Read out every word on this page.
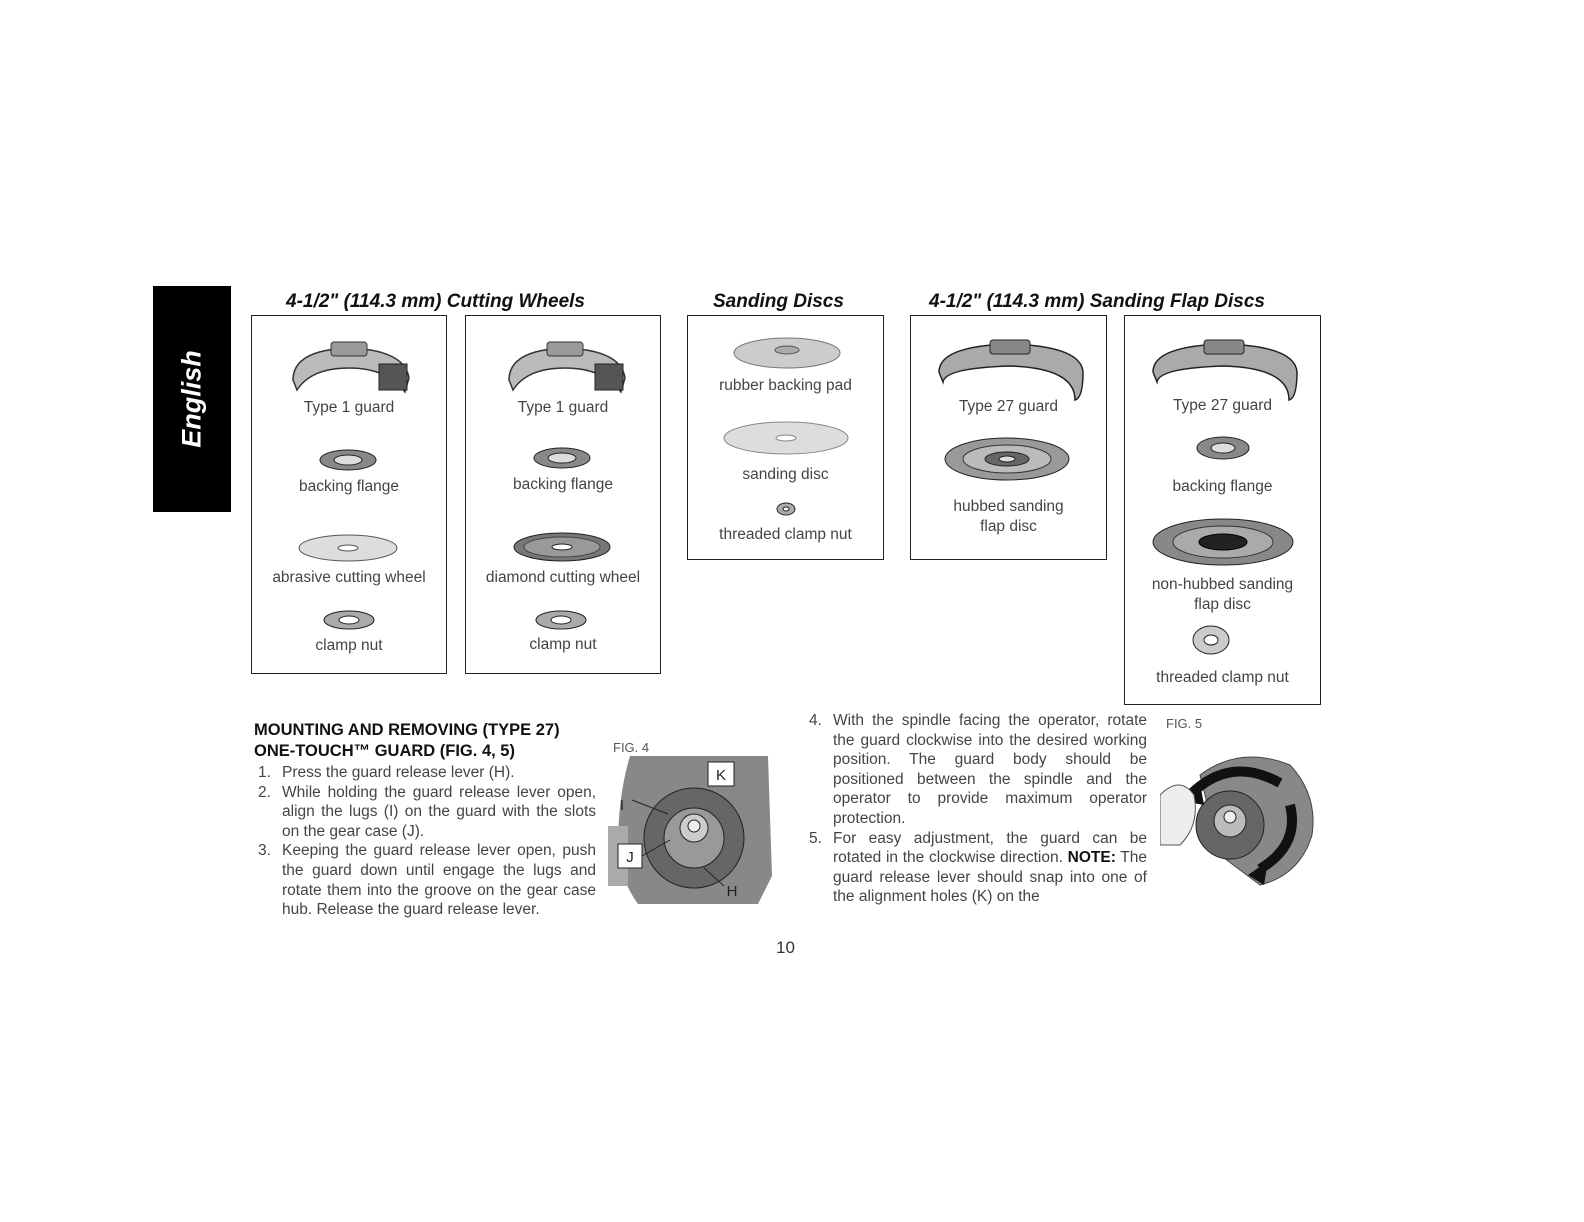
English
4-1/2" (114.3 mm) Cutting Wheels	Sanding Discs	4-1/2" (114.3 mm) Sanding Flap Discs
Type 1 guard
backing flange
abrasive cutting wheel
clamp nut
Type 1 guard
backing flange
diamond cutting wheel
clamp nut
rubber backing pad
sanding disc
threaded clamp nut
Type 27 guard
hubbed sanding
flap disc
Type 27 guard
backing flange
non-hubbed sanding
flap disc
threaded clamp nut
MOUNTING AND REMOVING (TYPE 27)
ONE-TOUCH™ GUARD (FIG. 4, 5)

1. Press the guard release lever (H).

2. While holding the guard release lever open, align the lugs (I) on the guard with the slots on the gear case (J).

3. Keeping the guard release lever open, push the guard down until engage the lugs and rotate them into the groove on the gear case hub. Release the guard release lever.

FIG. 4
K
I
J
H

4. With the spindle facing the operator, rotate the guard clockwise into the desired working position. The guard body should be positioned between the spindle and the operator to provide maximum operator protection.

5. For easy adjustment, the guard can be rotated in the clockwise direction. NOTE: The guard release lever should snap into one of the alignment holes (K) on the

FIG. 5
10
